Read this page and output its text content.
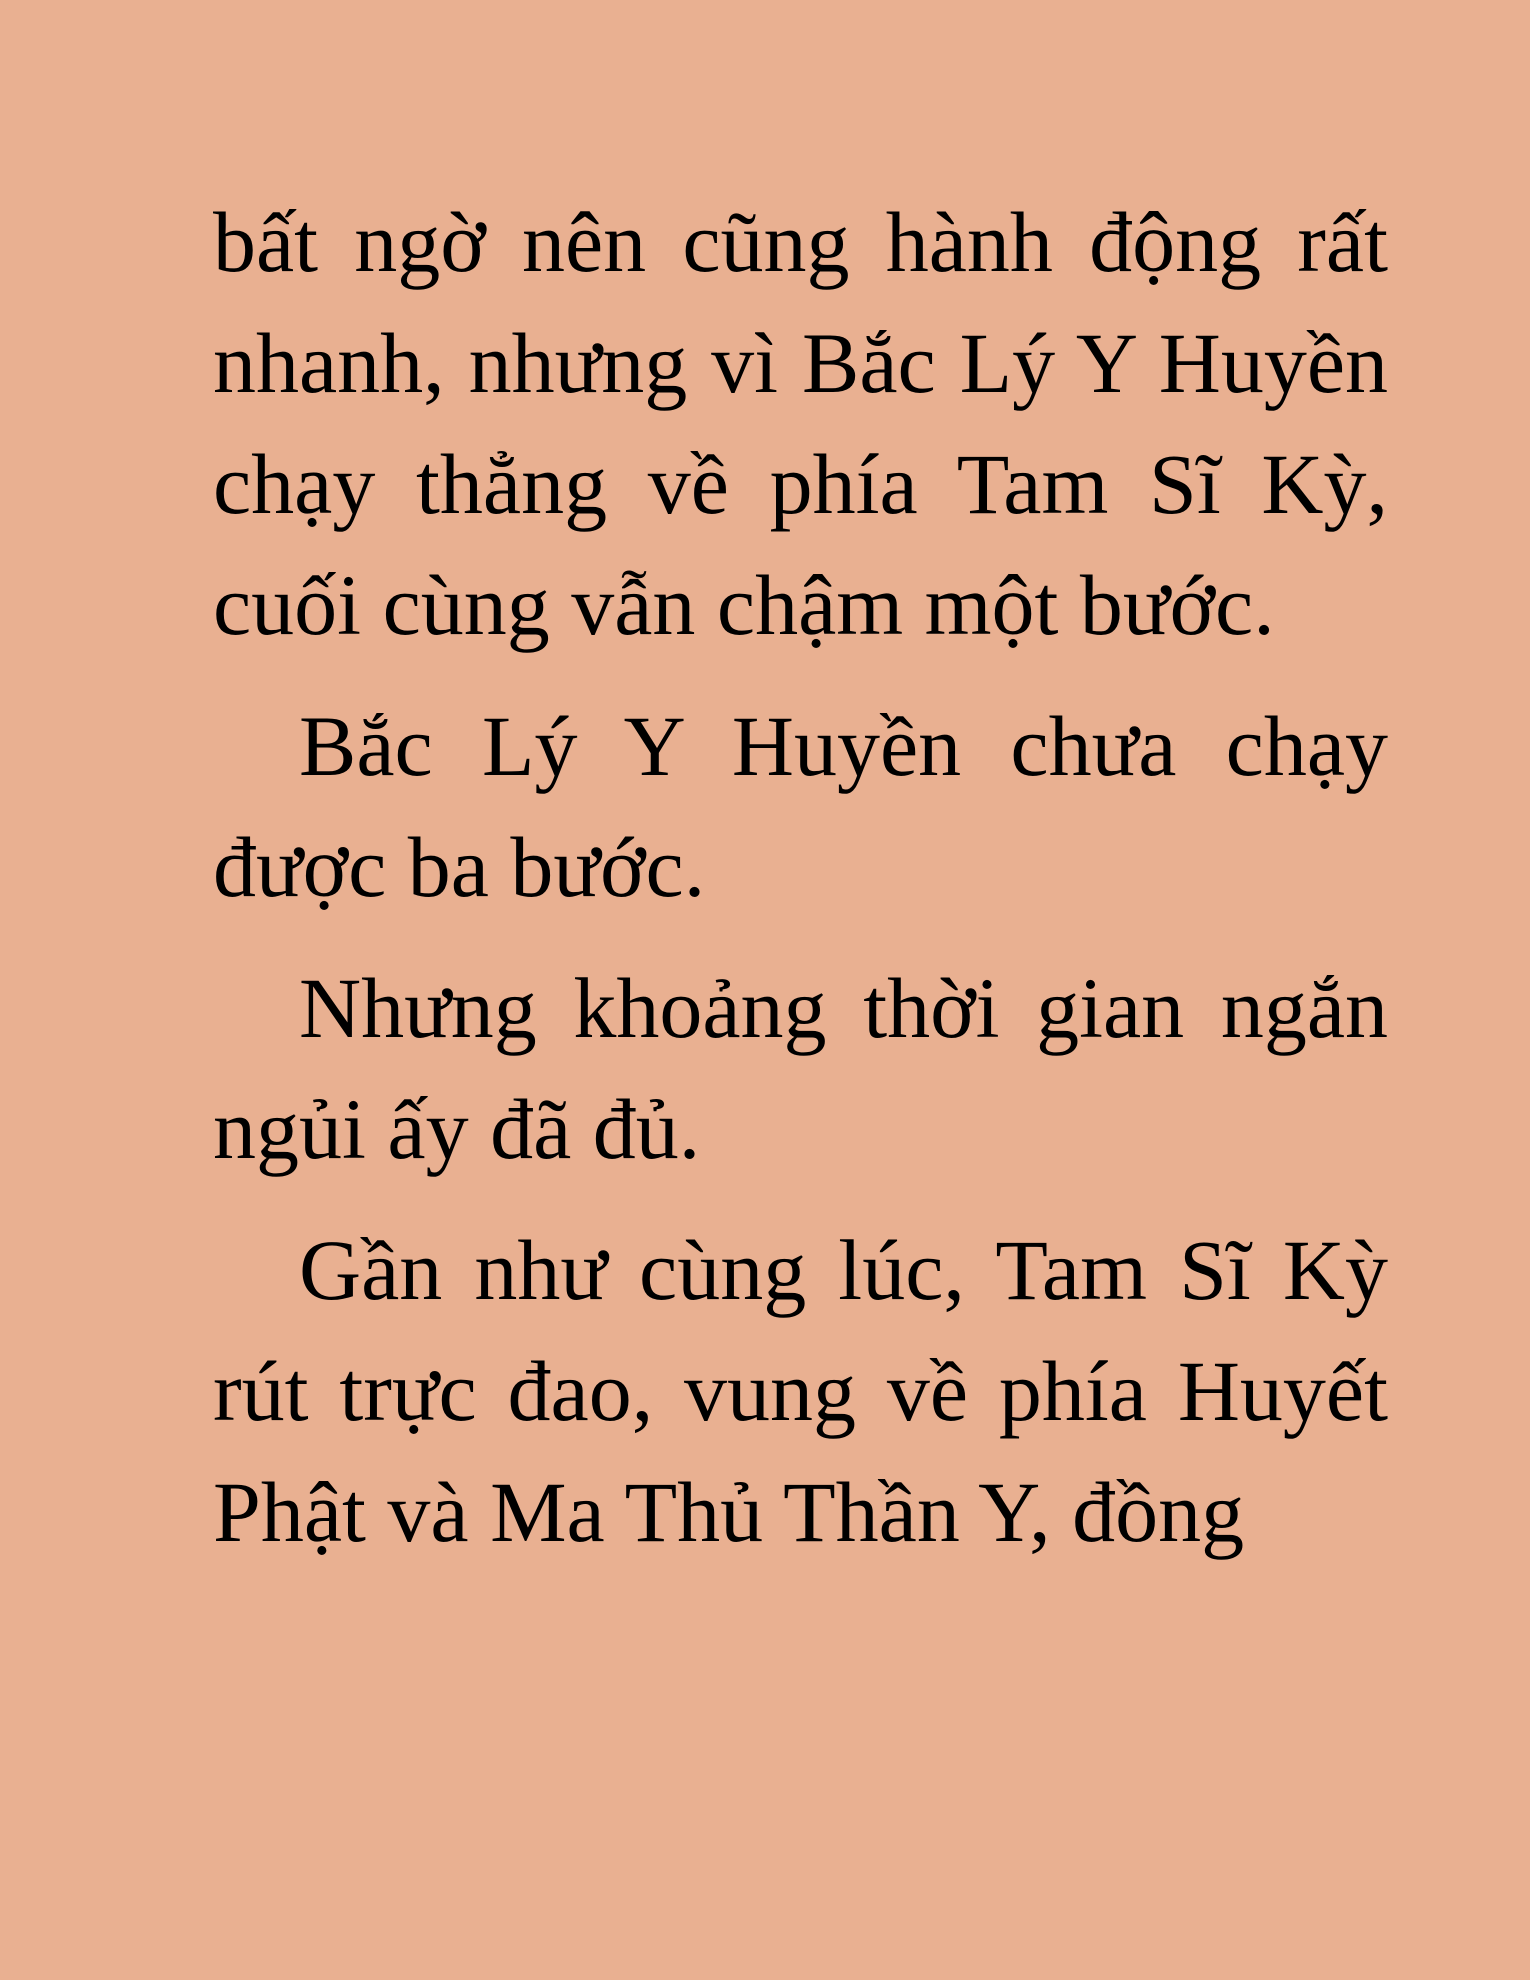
bất ngờ nên cũng hành động rất nhanh, nhưng vì Bắc Lý Y Huyền chạy thẳng về phía Tam Sĩ Kỳ, cuối cùng vẫn chậm một bước.

Bắc Lý Y Huyền chưa chạy được ba bước.

Nhưng khoảng thời gian ngắn ngủi ấy đã đủ.

Gần như cùng lúc, Tam Sĩ Kỳ rút trực đao, vung về phía Huyết Phật và Ma Thủ Thần Y, đồng
